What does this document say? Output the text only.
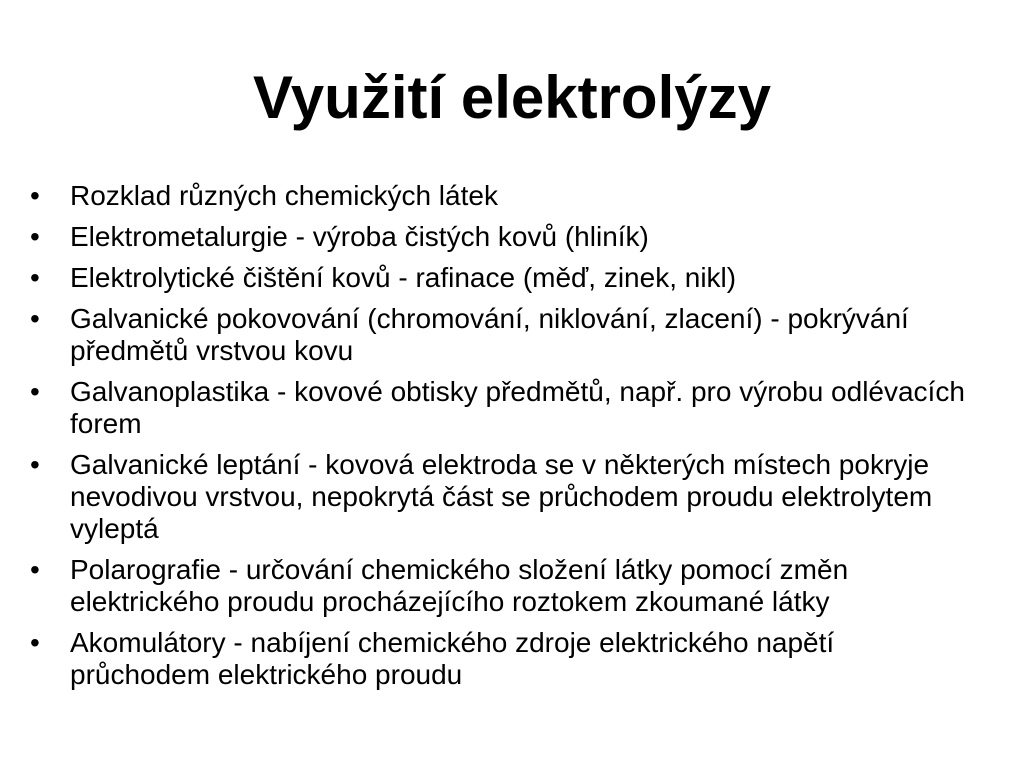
Využití elektrolýzy
•	Rozklad různých chemických látek
•	Elektrometalurgie - výroba čistých kovů (hliník)
•	Elektrolytické čištění kovů - rafinace (měď, zinek, nikl)
•	Galvanické pokovování (chromování, niklování, zlacení) - pokrývání předmětů vrstvou kovu
•	Galvanoplastika - kovové obtisky předmětů, např. pro výrobu odlévacích forem
•	Galvanické leptání - kovová elektroda se v některých místech pokryje nevodivou vrstvou, nepokrytá část se průchodem proudu elektrolytem vyleptá
•	Polarografie - určování chemického složení látky pomocí změn elektrického proudu procházejícího roztokem zkoumané látky
•	Akomulátory - nabíjení chemického zdroje elektrického napětí průchodem elektrického proudu
